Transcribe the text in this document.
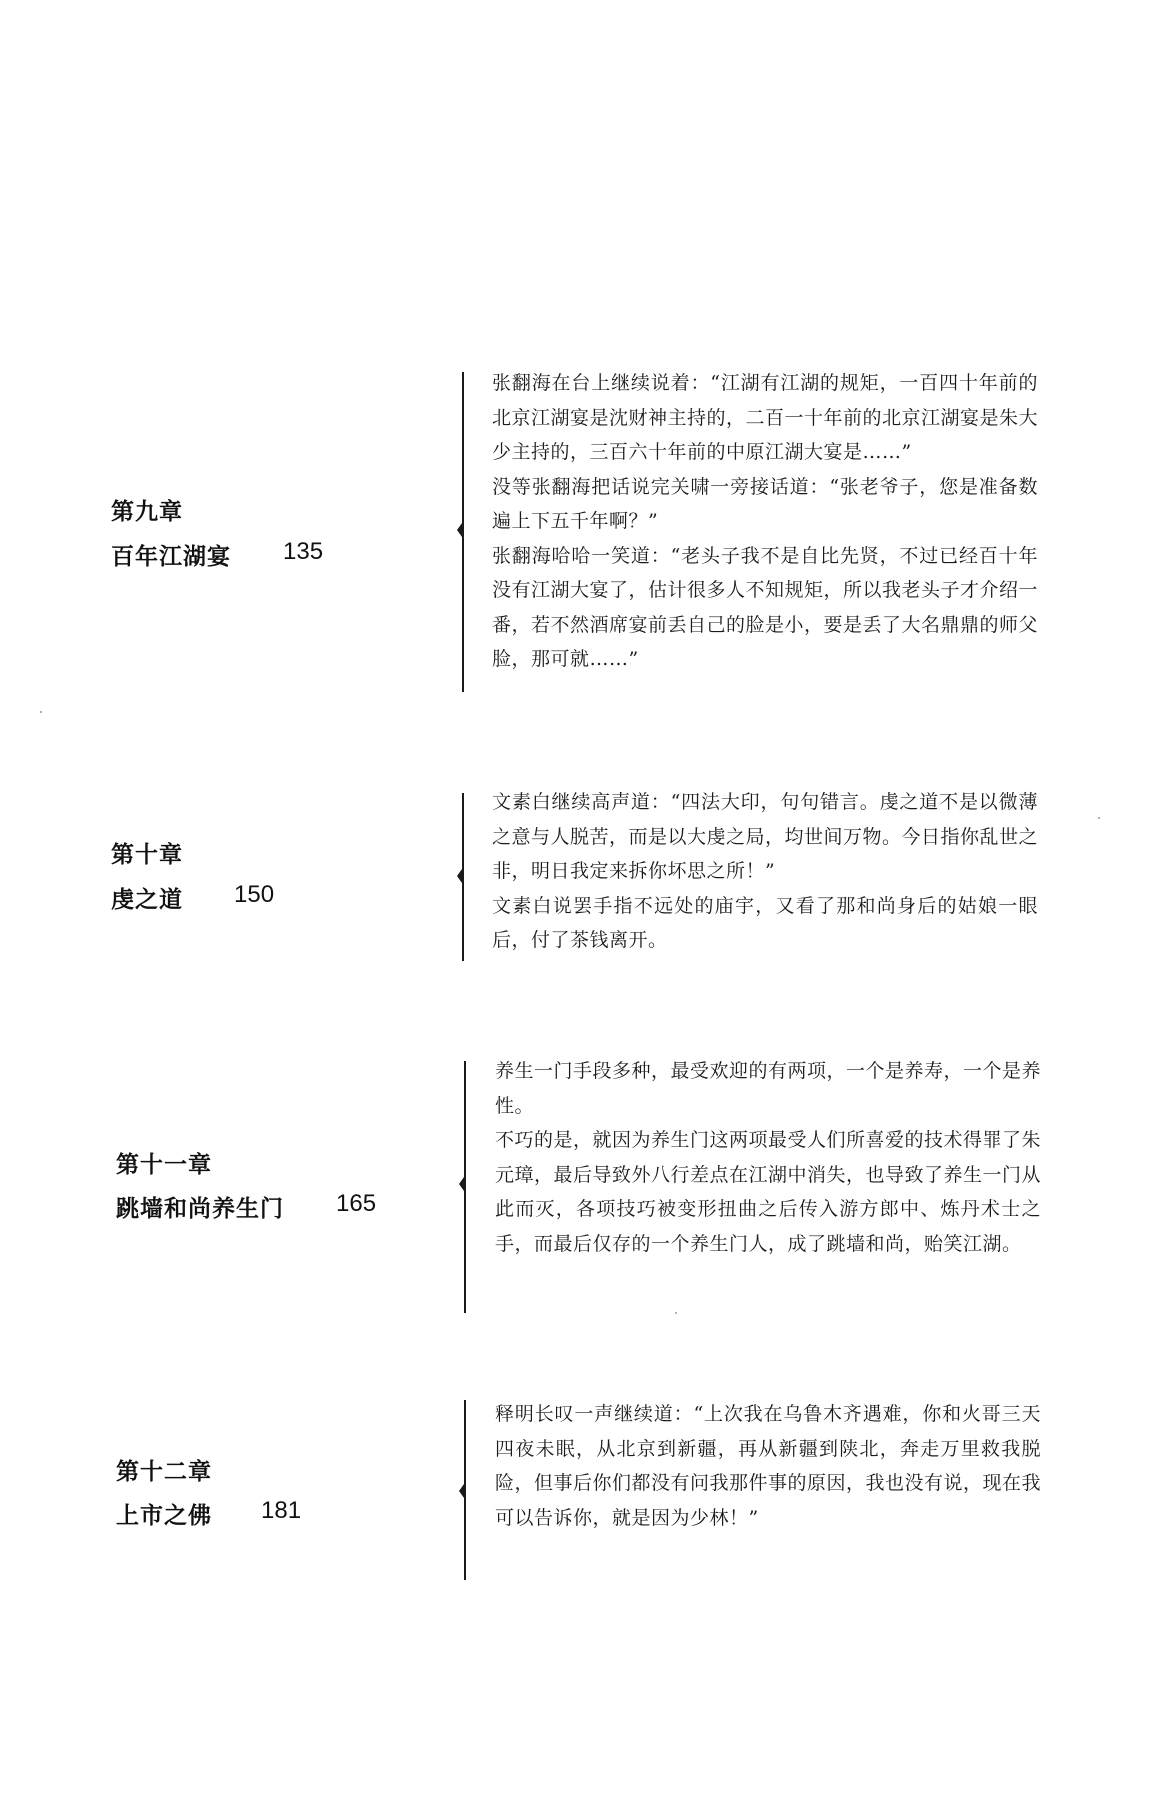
第九章
百年江湖宴 135

张翻海在台上继续说着：“江湖有江湖的规矩，一百四十年前的北京江湖宴是沈财神主持的，二百一十年前的北京江湖宴是朱大少主持的，三百六十年前的中原江湖大宴是……”

没等张翻海把话说完关啸一旁接话道：“张老爷子，您是准备数遍上下五千年啊？”

张翻海哈哈一笑道：“老头子我不是自比先贤，不过已经百十年没有江湖大宴了，估计很多人不知规矩，所以我老头子才介绍一番，若不然酒席宴前丢自己的脸是小，要是丢了大名鼎鼎的师父脸，那可就……”

第十章
虔之道 150

文素白继续高声道：“四法大印，句句错言。虔之道不是以微薄之意与人脱苦，而是以大虔之局，均世间万物。今日指你乱世之非，明日我定来拆你坏思之所！”

文素白说罢手指不远处的庙宇，又看了那和尚身后的姑娘一眼后，付了茶钱离开。

第十一章
跳墙和尚养生门 165

养生一门手段多种，最受欢迎的有两项，一个是养寿，一个是养性。

不巧的是，就因为养生门这两项最受人们所喜爱的技术得罪了朱元璋，最后导致外八行差点在江湖中消失，也导致了养生一门从此而灭，各项技巧被变形扭曲之后传入游方郎中、炼丹术士之手，而最后仅存的一个养生门人，成了跳墙和尚，贻笑江湖。

第十二章
上市之佛 181

释明长叹一声继续道：“上次我在乌鲁木齐遇难，你和火哥三天四夜未眠，从北京到新疆，再从新疆到陕北，奔走万里救我脱险，但事后你们都没有问我那件事的原因，我也没有说，现在我可以告诉你，就是因为少林！”
